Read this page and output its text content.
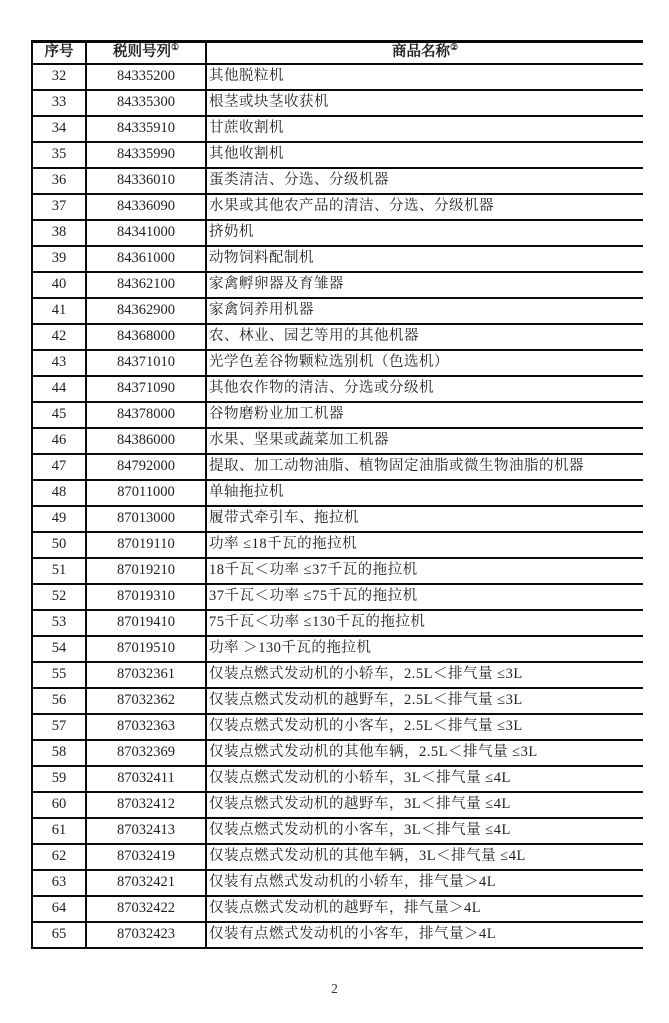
序号	税则号列①	商品名称②
32	84335200	其他脱粒机
33	84335300	根茎或块茎收获机
34	84335910	甘蔗收割机
35	84335990	其他收割机
36	84336010	蛋类清洁、分选、分级机器
37	84336090	水果或其他农产品的清洁、分选、分级机器
38	84341000	挤奶机
39	84361000	动物饲料配制机
40	84362100	家禽孵卵器及育雏器
41	84362900	家禽饲养用机器
42	84368000	农、林业、园艺等用的其他机器
43	84371010	光学色差谷物颗粒选别机（色选机）
44	84371090	其他农作物的清洁、分选或分级机
45	84378000	谷物磨粉业加工机器
46	84386000	水果、坚果或蔬菜加工机器
47	84792000	提取、加工动物油脂、植物固定油脂或微生物油脂的机器
48	87011000	单轴拖拉机
49	87013000	履带式牵引车、拖拉机
50	87019110	功率 ≤18千瓦的拖拉机
51	87019210	18千瓦＜功率 ≤37千瓦的拖拉机
52	87019310	37千瓦＜功率 ≤75千瓦的拖拉机
53	87019410	75千瓦＜功率 ≤130千瓦的拖拉机
54	87019510	功率 ＞130千瓦的拖拉机
55	87032361	仅装点燃式发动机的小轿车，2.5L＜排气量 ≤3L
56	87032362	仅装点燃式发动机的越野车，2.5L＜排气量 ≤3L
57	87032363	仅装点燃式发动机的小客车，2.5L＜排气量 ≤3L
58	87032369	仅装点燃式发动机的其他车辆，2.5L＜排气量 ≤3L
59	87032411	仅装点燃式发动机的小轿车，3L＜排气量 ≤4L
60	87032412	仅装点燃式发动机的越野车，3L＜排气量 ≤4L
61	87032413	仅装点燃式发动机的小客车，3L＜排气量 ≤4L
62	87032419	仅装点燃式发动机的其他车辆，3L＜排气量 ≤4L
63	87032421	仅装有点燃式发动机的小轿车，排气量＞4L
64	87032422	仅装点燃式发动机的越野车，排气量＞4L
65	87032423	仅装有点燃式发动机的小客车，排气量＞4L
2
